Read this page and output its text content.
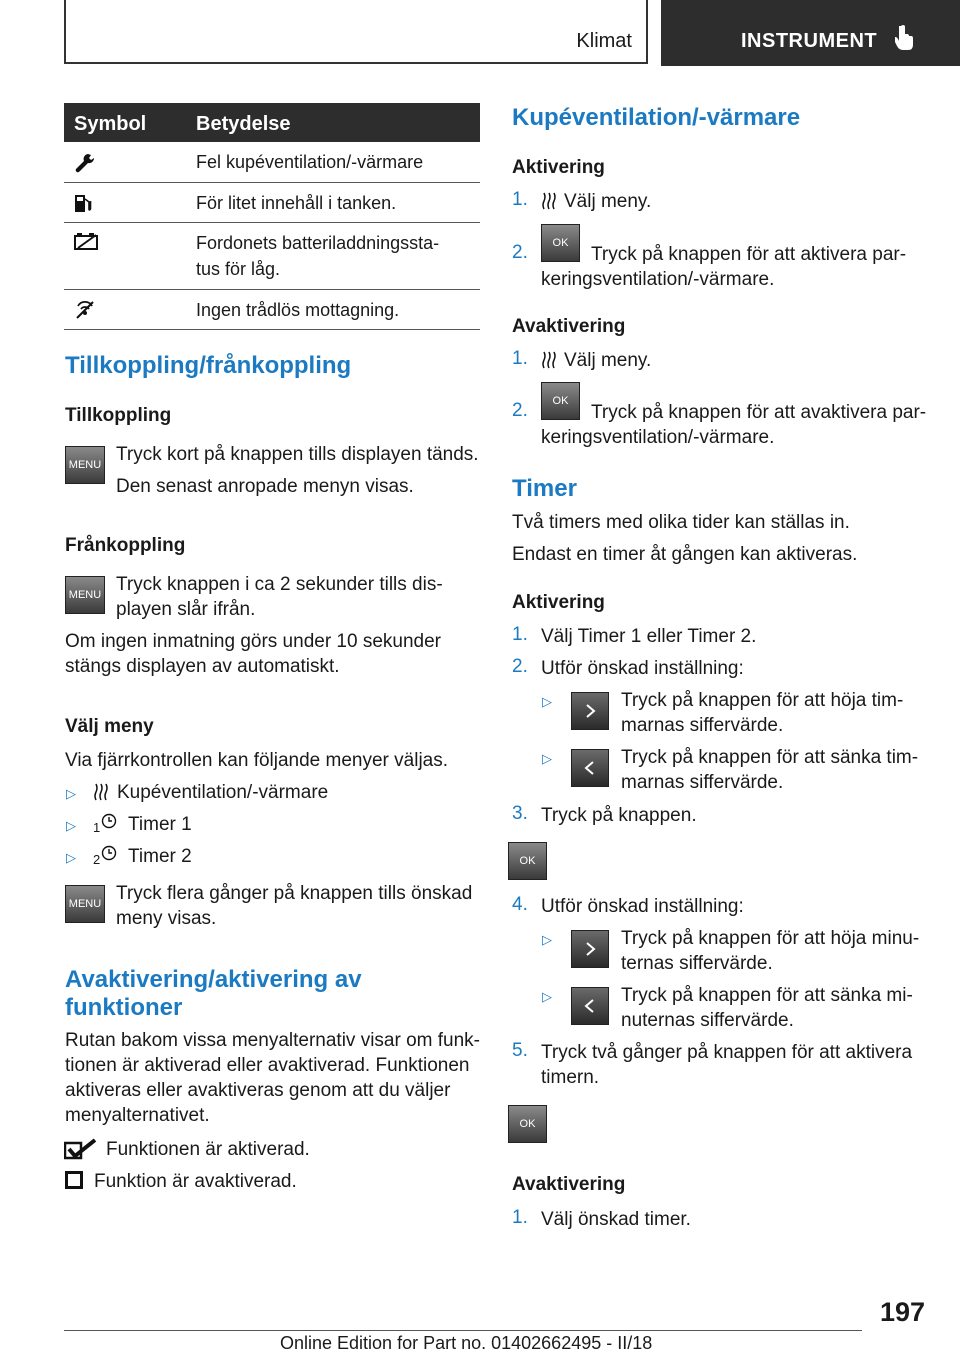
Klimat	INSTRUMENT
Symbol Betydelse
Fel kupéventilation/-värmare
För litet innehåll i tanken.
Fordonets batteriladdningssta-
tus för låg.
Ingen trådlös mottagning.
Tillkoppling/frånkoppling
Tillkoppling
MENU Tryck kort på knappen tills displayen tänds.
Den senast anropade menyn visas.
Frånkoppling
MENU Tryck knappen i ca 2 sekunder tills dis-
playen slår ifrån.
Om ingen inmatning görs under 10 sekunder
stängs displayen av automatiskt.
Välj meny
Via fjärrkontrollen kan följande menyer väljas.
▷ Kupéventilation/-värmare
▷ 1 Timer 1
▷ 2 Timer 2
MENU Tryck flera gånger på knappen tills önskad
meny visas.
Avaktivering/aktivering av
funktioner
Rutan bakom vissa menyalternativ visar om funk-
tionen är aktiverad eller avaktiverad. Funktionen
aktiveras eller avaktiveras genom att du väljer
menyalternativet.
Funktionen är aktiverad.
Funktion är avaktiverad.
Kupéventilation/-värmare
Aktivering
1. Välj meny.
2.	OK
Tryck på knappen för att aktivera par-
keringsventilation/-värmare.
Avaktivering
1. Välj meny.
2.	OK
Tryck på knappen för att avaktivera par-
keringsventilation/-värmare.
Timer
Två timers med olika tider kan ställas in.
Endast en timer åt gången kan aktiveras.
Aktivering
1. Välj Timer 1 eller Timer 2.
2. Utför önskad inställning:
▷	Tryck på knappen för att höja tim-
marnas siffervärde.
▷	Tryck på knappen för att sänka tim-
marnas siffervärde.
3. Tryck på knappen.
OK
4. Utför önskad inställning:
▷	Tryck på knappen för att höja minu-
ternas siffervärde.
▷	Tryck på knappen för att sänka mi-
nuternas siffervärde.
5. Tryck två gånger på knappen för att aktivera
timern.
OK
Avaktivering
1. Välj önskad timer.
197
Online Edition for Part no. 01402662495 - II/18
